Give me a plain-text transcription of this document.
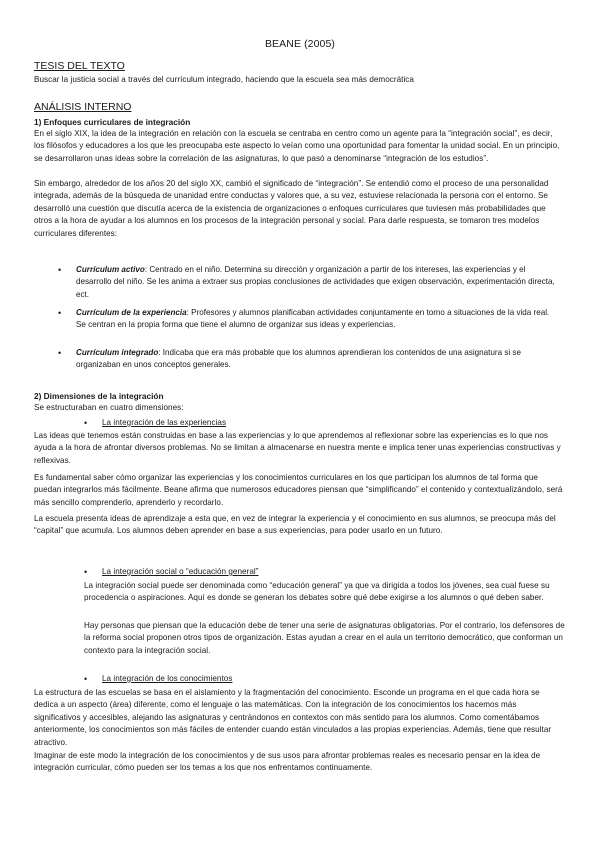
BEANE (2005)
TESIS DEL TEXTO
Buscar la justicia social a través del currículum integrado, haciendo que la escuela sea más democrática
ANÁLISIS INTERNO
1) Enfoques curriculares de integración
En el siglo XIX, la idea de la integración en relación con la escuela se centraba en centro como un agente para la “integración social”, es decir, los filósofos y educadores a los que les preocupaba este aspecto lo veían como una oportunidad para fomentar la unidad social. En un principio, se desarrollaron unas ideas sobre la correlación de las asignaturas, lo que pasó a denominarse “integración de los estudios”.
Sin embargo, alrededor de los años 20 del siglo XX, cambió el significado de “integración”. Se entendió como el proceso de una personalidad integrada, además de la búsqueda de unanidad entre conductas y valores que, a su vez, estuviese relacionada la persona con el entorno. Se desarrolló una cuestión que discutía acerca de la existencia de organizaciones o enfoques curriculares que tuviesen más probabilidades que otros a la hora de ayudar a los alumnos en los procesos de la integración personal y social. Para darle respuesta, se tomaron tres modelos curriculares diferentes:
• Currículum activo: Centrado en el niño. Determina su dirección y organización a partir de los intereses, las experiencias y el desarrollo del niño. Se les anima a extraer sus propias conclusiones de actividades que exigen observación, experimentación directa, ect.
• Currículum de la experiencia: Profesores y alumnos planificaban actividades conjuntamente en torno a situaciones de la vida real. Se centran en la propia forma que tiene el alumno de organizar sus ideas y experiencias.
• Currículum integrado: Indicaba que era más probable que los alumnos aprendieran los contenidos de una asignatura si se organizaban en unos conceptos generales.
2) Dimensiones de la integración
Se estructuraban en cuatro dimensiones:
• La integración de las experiencias
Las ideas que tenemos están construidas en base a las experiencias y lo que aprendemos al reflexionar sobre las experiencias es lo que nos ayuda a la hora de afrontar diversos problemas. No se limitan a almacenarse en nuestra mente e implica tener unas experiencias constructivas y reflexivas.
Es fundamental saber cómo organizar las experiencias y los conocimientos curriculares en los que participan los alumnos de tal forma que puedan integrarlos más fácilmente. Beane afirma que numerosos educadores piensan que “simplificando” el contenido y contextualizándolo, será más sencillo comprenderlo, aprenderlo y recordarlo.
La escuela presenta ideas de aprendizaje a esta que, en vez de integrar la experiencia y el conocimiento en sus alumnos, se preocupa más del “capital” que acumula. Los alumnos deben aprender en base a sus experiencias, para poder usarlo en un futuro.
• La integración social o “educación general”
La integración social puede ser denominada como “educación general” ya que va dirigida a todos los jóvenes, sea cual fuese su procedencia o aspiraciones. Aquí es donde se generan los debates sobre qué debe exigirse a los alumnos o qué deben saber.
Hay personas que piensan que la educación debe de tener una serie de asignaturas obligatorias. Por el contrario, los defensores de la reforma social proponen otros tipos de organización. Estas ayudan a crear en el aula un territorio democrático, que conforman un contexto para la integración social.
• La integración de los conocimientos
La estructura de las escuelas se basa en el aislamiento y la fragmentación del conocimiento. Esconde un programa en el que cada hora se dedica a un aspecto (área) diferente, como el lenguaje o las matemáticas. Con la integración de los conocimientos los hacemos más significativos y accesibles, alejando las asignaturas y centrándonos en contextos con más sentido para los alumnos. Como comentábamos anteriormente, los conocimientos son más fáciles de entender cuando están vinculados a las propias experiencias. Además, tiene que resultar atractivo.
Imaginar de este modo la integración de los conocimientos y de sus usos para afrontar problemas reales es necesario pensar en la idea de integración curricular, cómo pueden ser los temas a los que nos enfrentamos continuamente.
